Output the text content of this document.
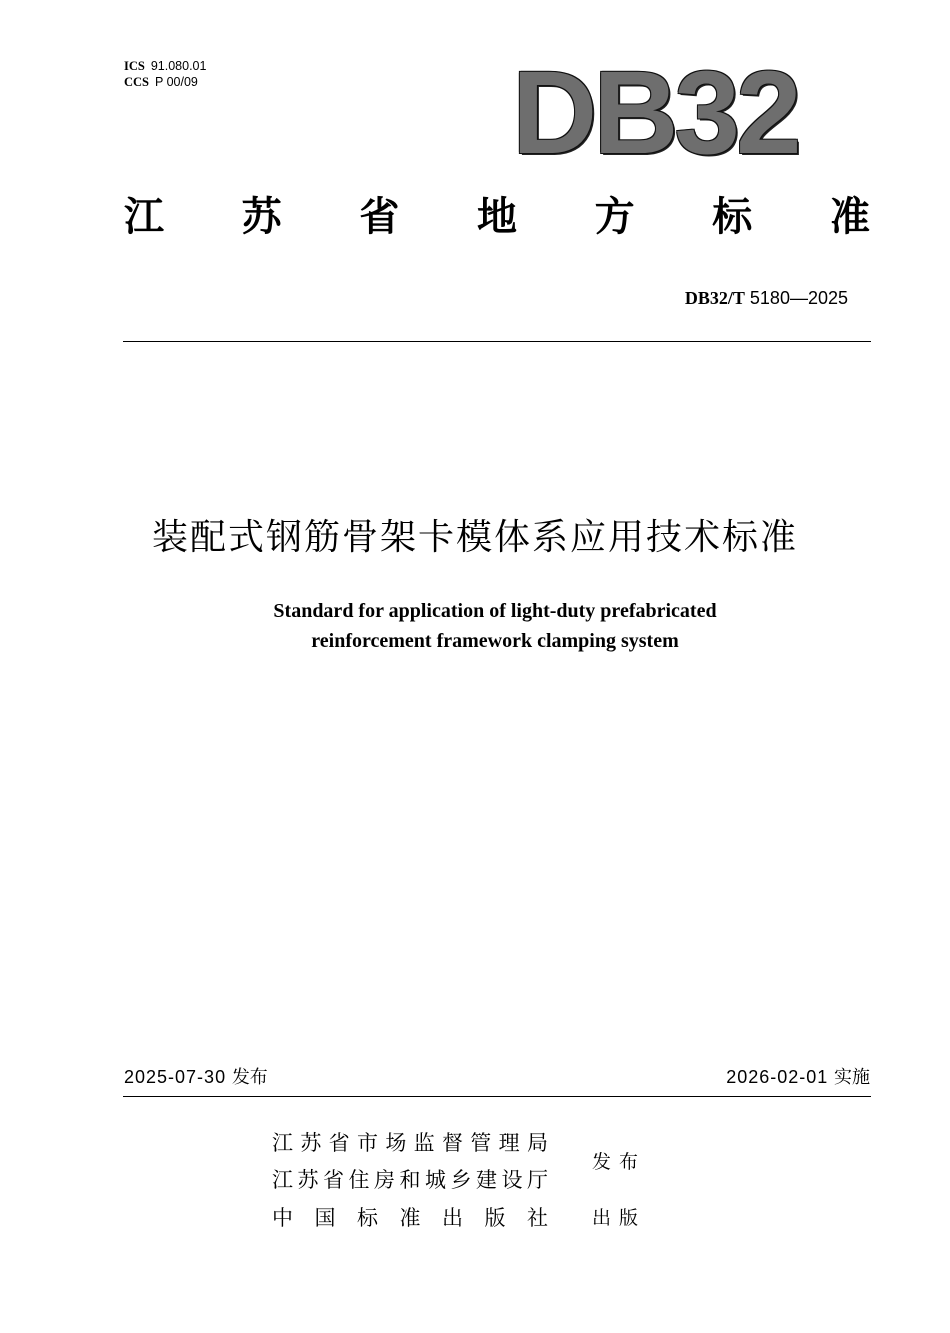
ICS 91.080.01
CCS P 00/09	DB32
江 苏 省 地 方 标 准
DB32/T 5180—2025
装配式钢筋骨架卡模体系应用技术标准
Standard for application of light-duty prefabricated
reinforcement framework clamping system
2025-07-30 发布	2026-02-01 实施
江 苏 省 市 场 监 督 管 理 局
江 苏 省 住 房 和 城 乡 建 设 厅
发布
中 国 标 准 出 版 社 出版
